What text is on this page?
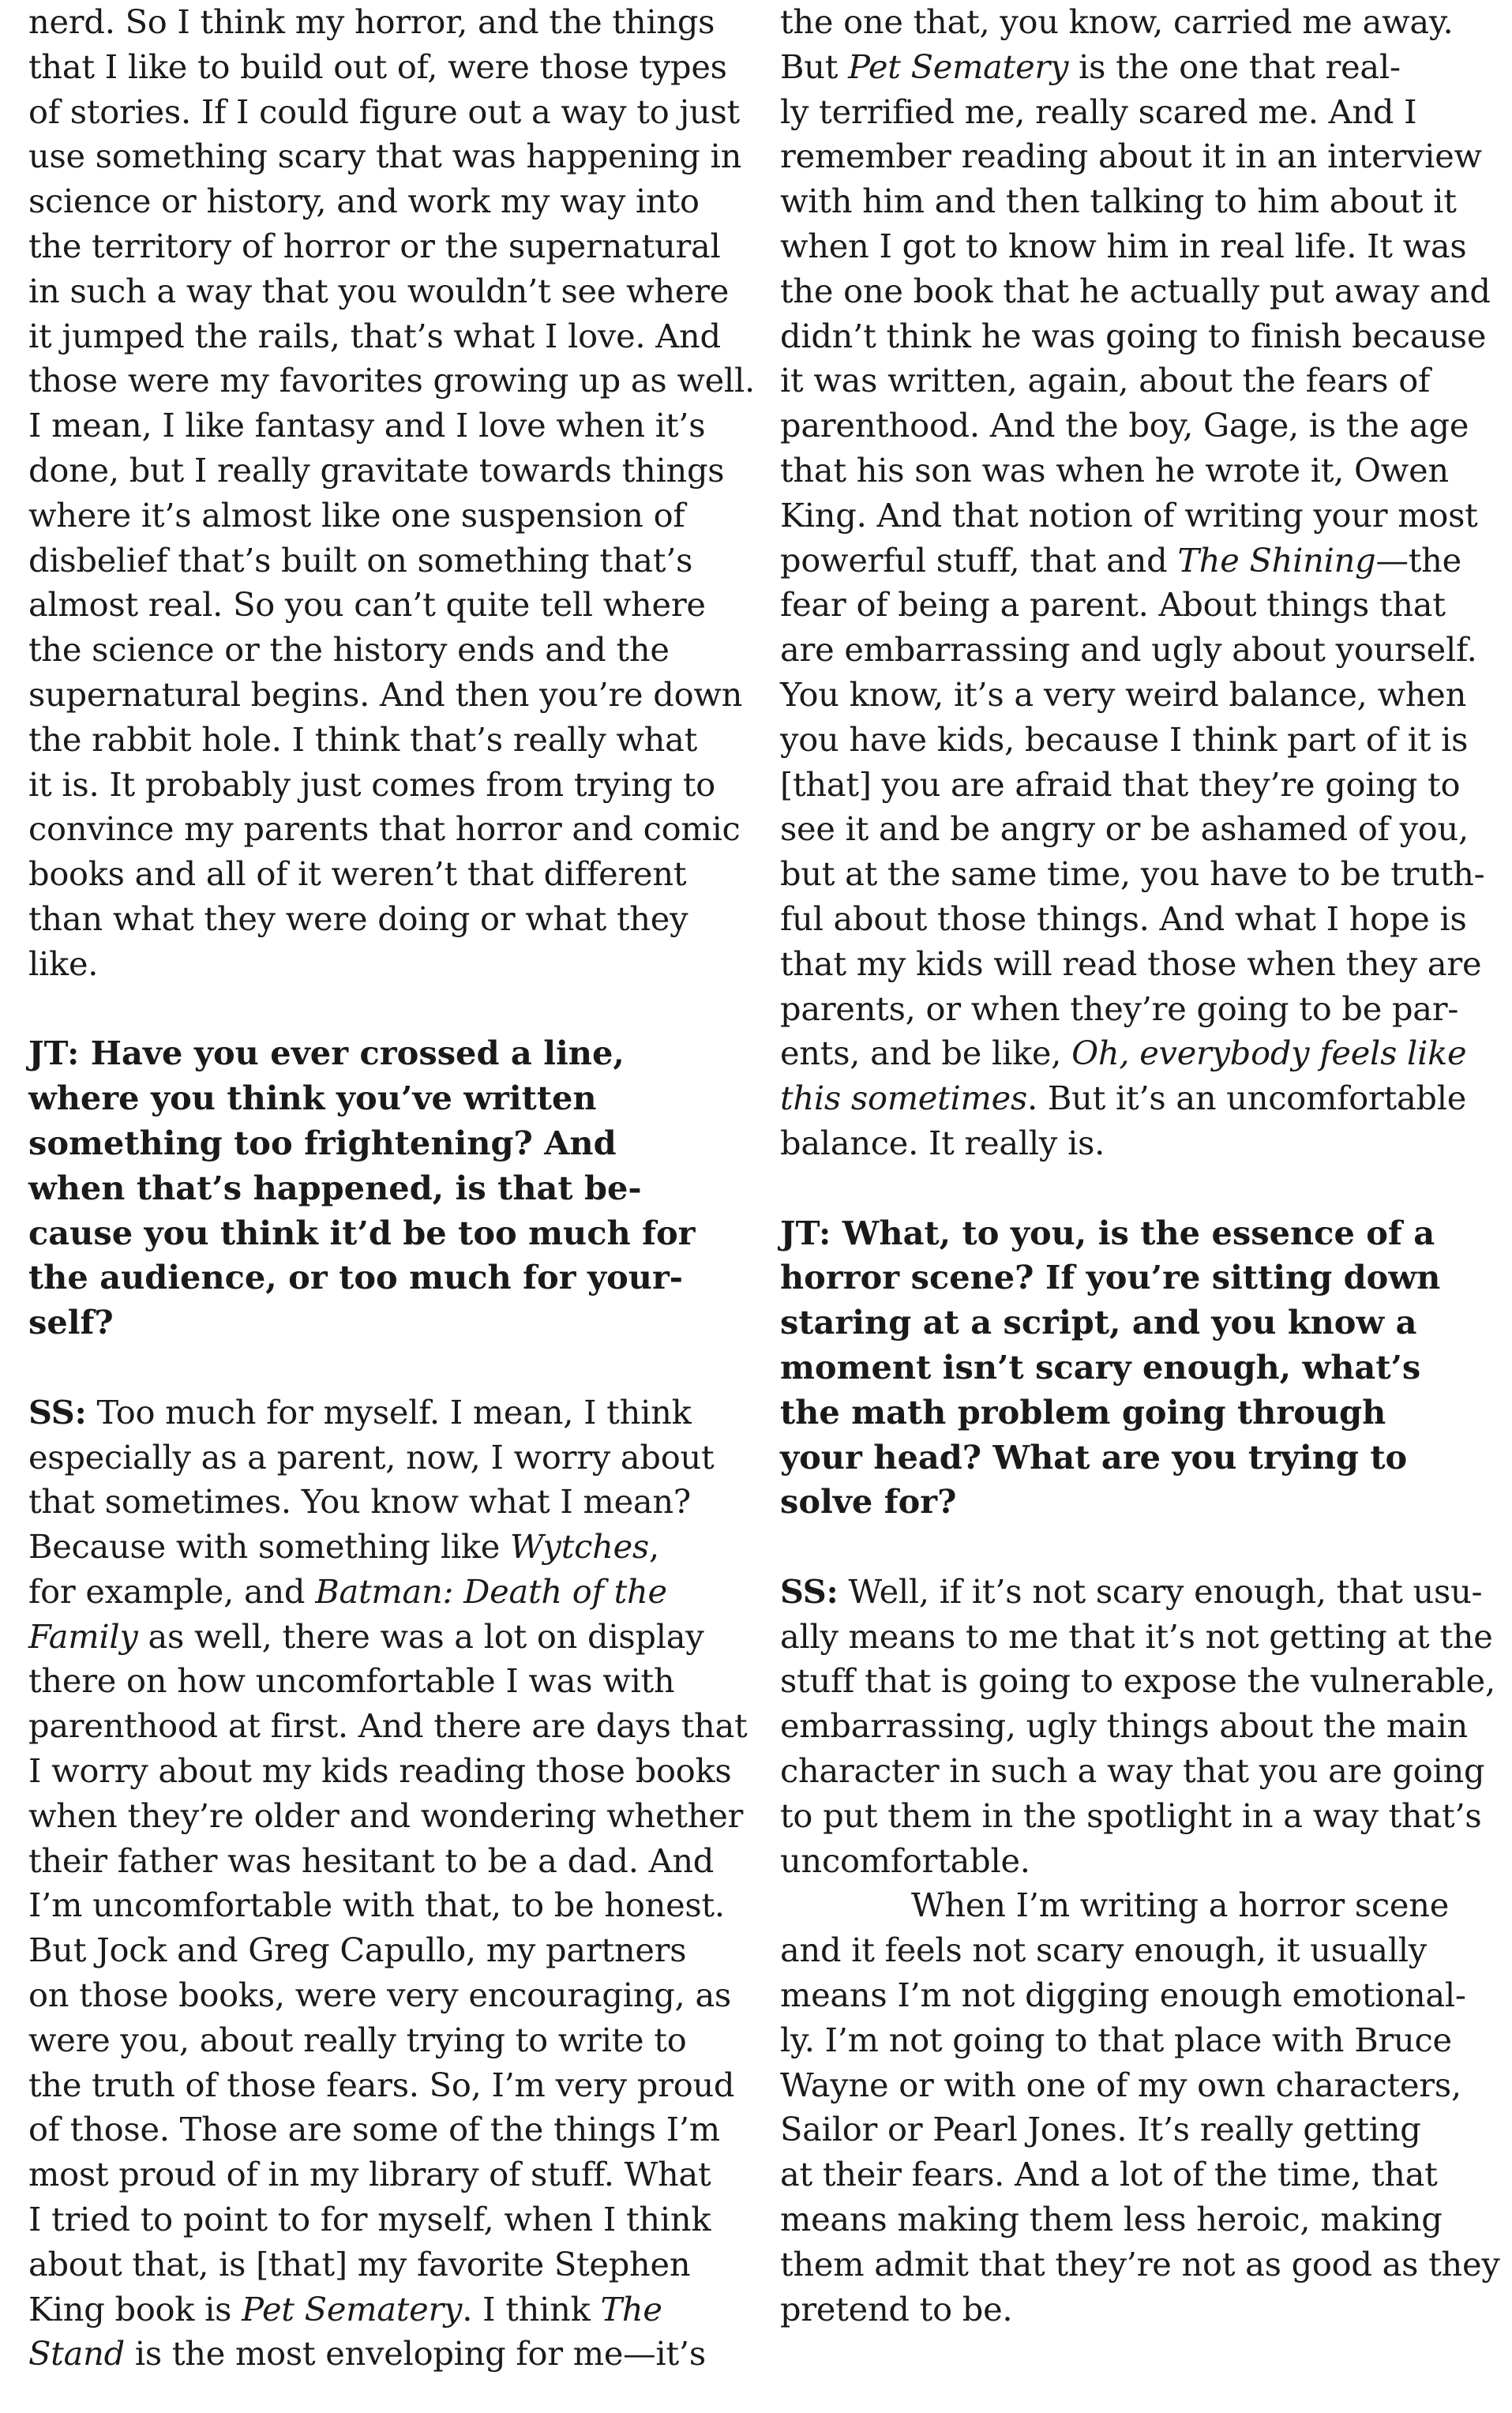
nerd. So I think my horror, and the things
that I like to build out of, were those types
of stories. If I could figure out a way to just
use something scary that was happening in
science or history, and work my way into
the territory of horror or the supernatural
in such a way that you wouldn’t see where
it jumped the rails, that’s what I love. And
those were my favorites growing up as well.
I mean, I like fantasy and I love when it’s
done, but I really gravitate towards things
where it’s almost like one suspension of
disbelief that’s built on something that’s
almost real. So you can’t quite tell where
the science or the history ends and the
supernatural begins. And then you’re down
the rabbit hole. I think that’s really what
it is. It probably just comes from trying to
convince my parents that horror and comic
books and all of it weren’t that different
than what they were doing or what they
like.
JT: Have you ever crossed a line,
where you think you’ve written
something too frightening? And
when that’s happened, is that be-
cause you think it’d be too much for
the audience, or too much for your-
self?
SS: Too much for myself. I mean, I think
especially as a parent, now, I worry about
that sometimes. You know what I mean?
Because with something like Wytches,
for example, and Batman: Death of the
Family as well, there was a lot on display
there on how uncomfortable I was with
parenthood at first. And there are days that
I worry about my kids reading those books
when they’re older and wondering whether
their father was hesitant to be a dad. And
I’m uncomfortable with that, to be honest.
But Jock and Greg Capullo, my partners
on those books, were very encouraging, as
were you, about really trying to write to
the truth of those fears. So, I’m very proud
of those. Those are some of the things I’m
most proud of in my library of stuff. What
I tried to point to for myself, when I think
about that, is [that] my favorite Stephen
King book is Pet Sematery. I think The
Stand is the most enveloping for me—it’s
the one that, you know, carried me away.
But Pet Sematery is the one that real-
ly terrified me, really scared me. And I
remember reading about it in an interview
with him and then talking to him about it
when I got to know him in real life. It was
the one book that he actually put away and
didn’t think he was going to finish because
it was written, again, about the fears of
parenthood. And the boy, Gage, is the age
that his son was when he wrote it, Owen
King. And that notion of writing your most
powerful stuff, that and The Shining—the
fear of being a parent. About things that
are embarrassing and ugly about yourself.
You know, it’s a very weird balance, when
you have kids, because I think part of it is
[that] you are afraid that they’re going to
see it and be angry or be ashamed of you,
but at the same time, you have to be truth-
ful about those things. And what I hope is
that my kids will read those when they are
parents, or when they’re going to be par-
ents, and be like, Oh, everybody feels like
this sometimes. But it’s an uncomfortable
balance. It really is.
JT: What, to you, is the essence of a
horror scene? If you’re sitting down
staring at a script, and you know a
moment isn’t scary enough, what’s
the math problem going through
your head? What are you trying to
solve for?
SS: Well, if it’s not scary enough, that usu-
ally means to me that it’s not getting at the
stuff that is going to expose the vulnerable,
embarrassing, ugly things about the main
character in such a way that you are going
to put them in the spotlight in a way that’s
uncomfortable.
When I’m writing a horror scene
and it feels not scary enough, it usually
means I’m not digging enough emotional-
ly. I’m not going to that place with Bruce
Wayne or with one of my own characters,
Sailor or Pearl Jones. It’s really getting
at their fears. And a lot of the time, that
means making them less heroic, making
them admit that they’re not as good as they
pretend to be.
